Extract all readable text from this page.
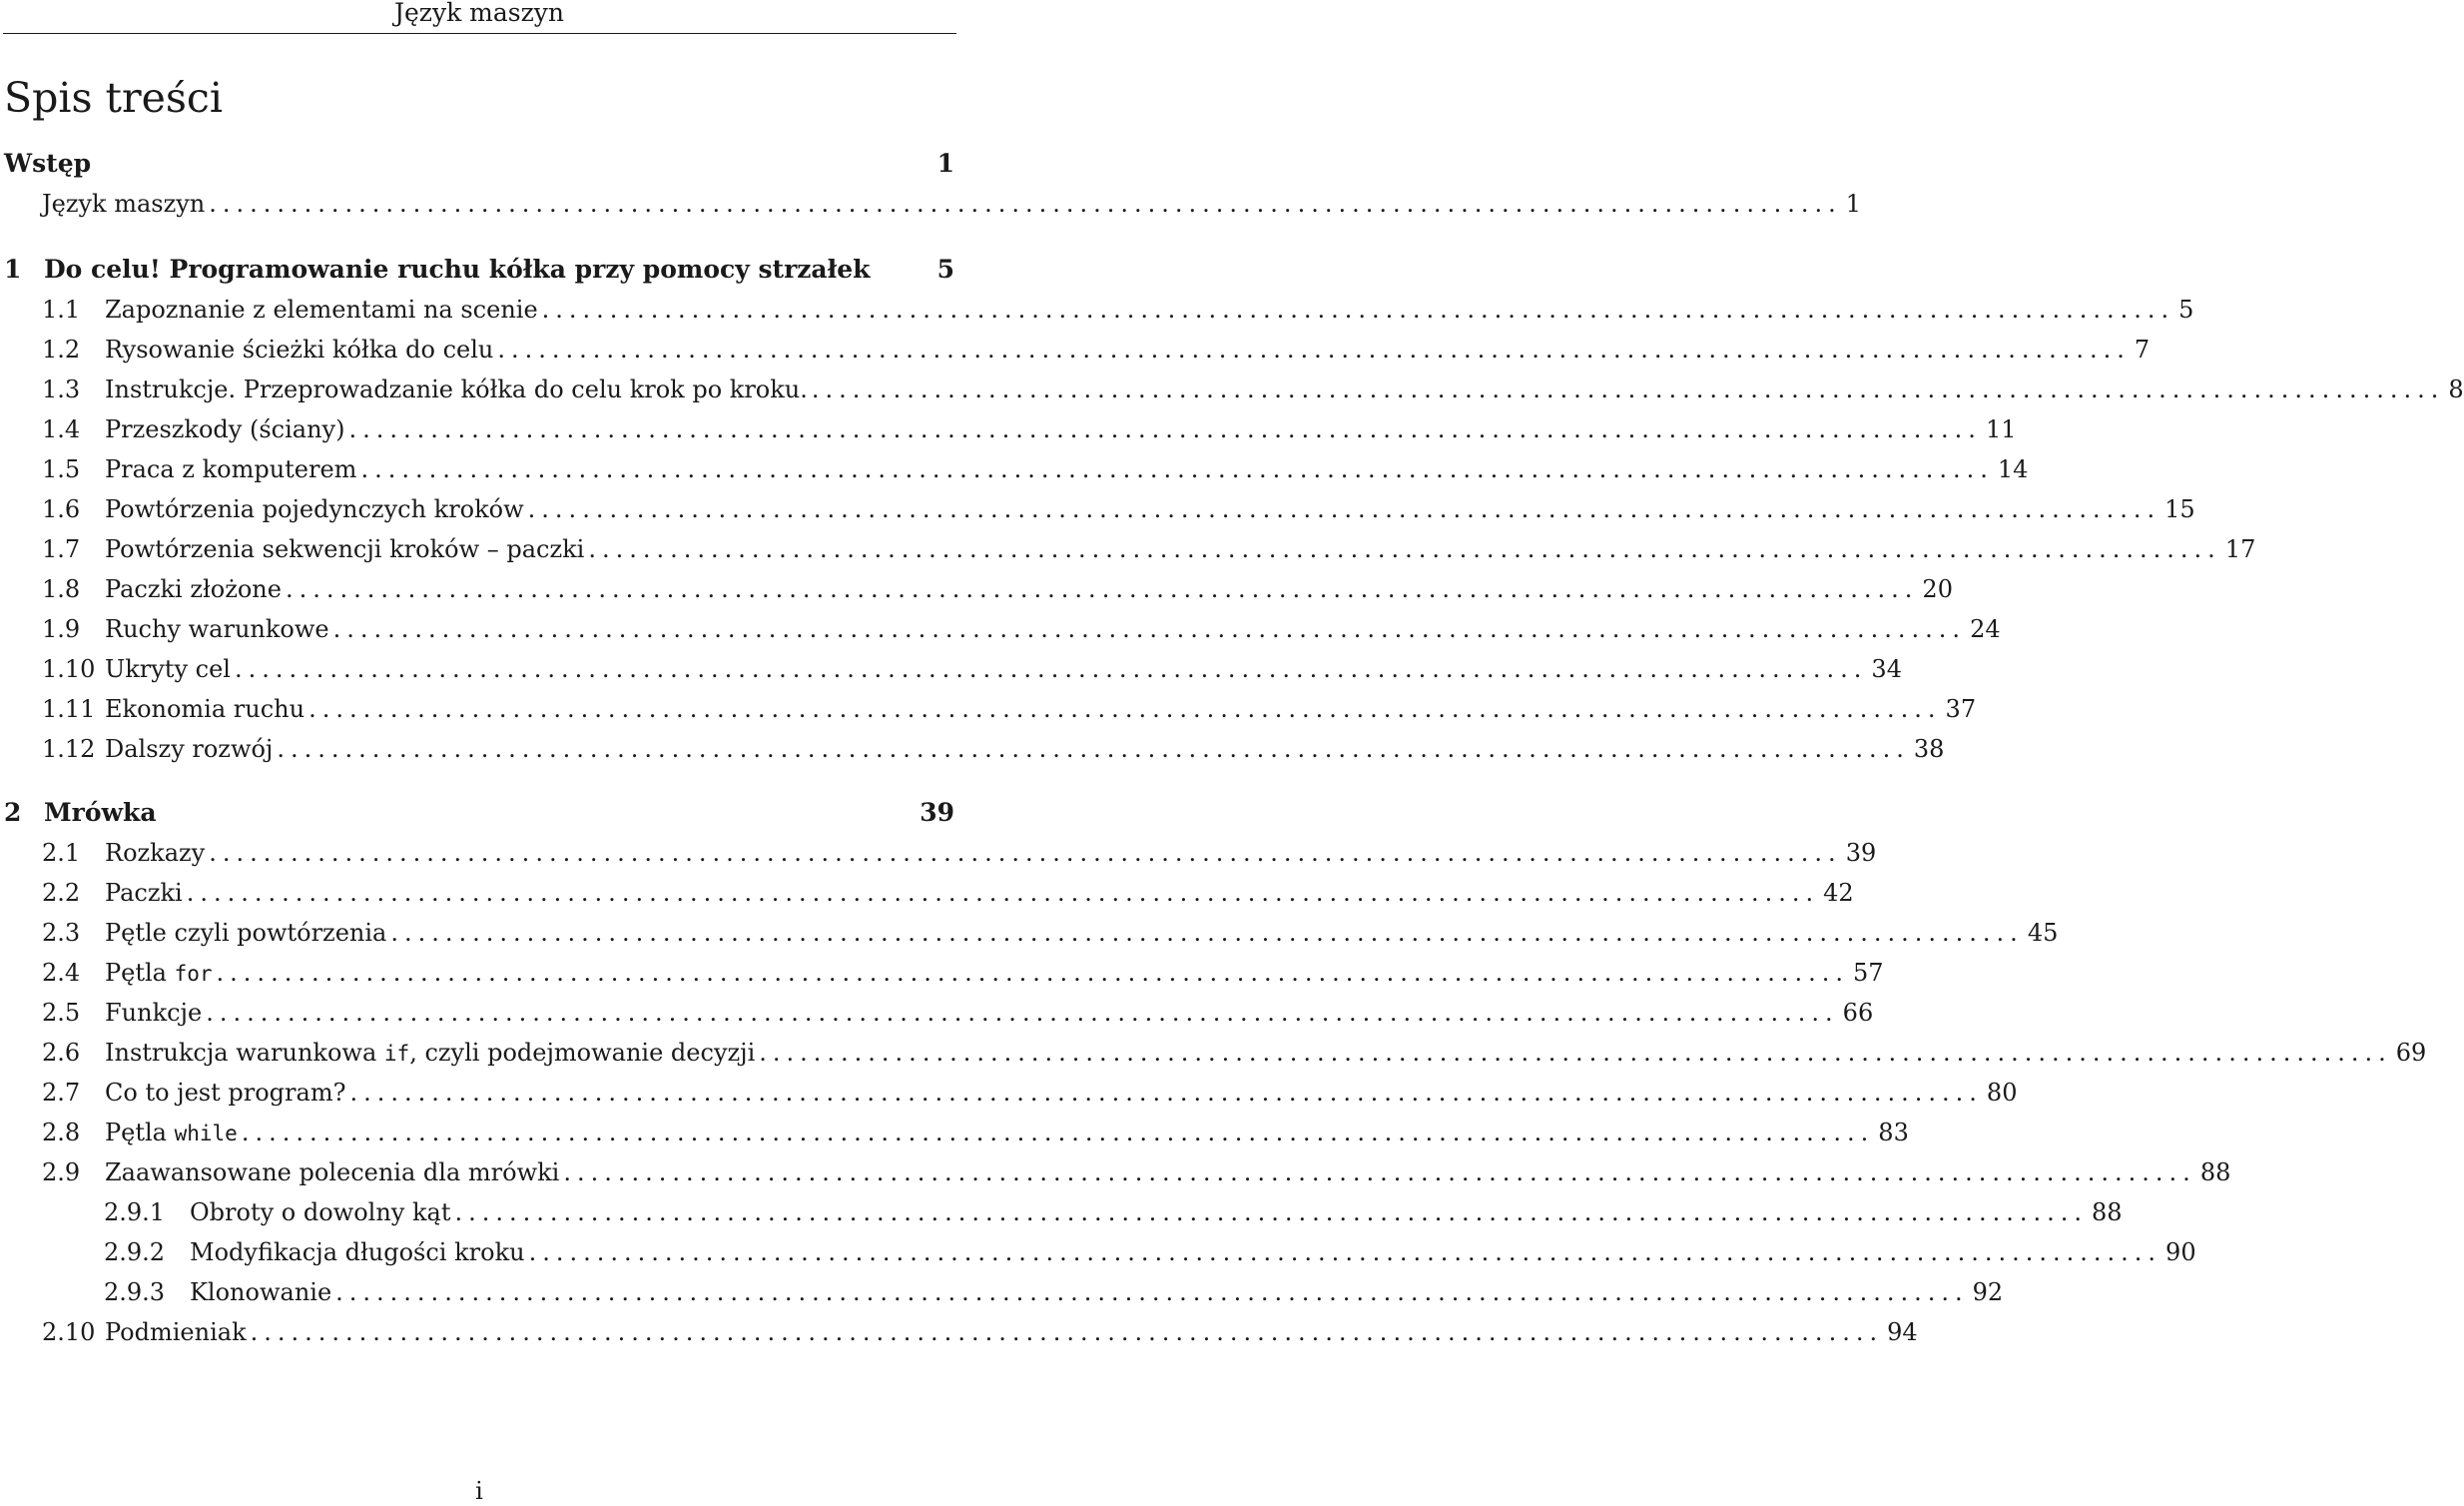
Język maszyn
Spis treści
Wstęp	1
Język maszyn ........................................................................................................................ 1
1 Do celu! Programowanie ruchu kółka przy pomocy strzałek	5
1.1	Zapoznanie z elementami na scenie ........................................................................................................................ 5
1.2	Rysowanie ścieżki kółka do celu ........................................................................................................................ 7
1.3	Instrukcje. Przeprowadzanie kółka do celu krok po kroku. ........................................................................................................................ 8
1.4	Przeszkody (ściany) ........................................................................................................................ 11
1.5	Praca z komputerem ........................................................................................................................ 14
1.6	Powtórzenia pojedynczych kroków ........................................................................................................................ 15
1.7	Powtórzenia sekwencji kroków – paczki ........................................................................................................................ 17
1.8	Paczki złożone ........................................................................................................................ 20
1.9	Ruchy warunkowe ........................................................................................................................ 24
1.10 Ukryty cel ........................................................................................................................ 34
1.11 Ekonomia ruchu ........................................................................................................................ 37
1.12 Dalszy rozwój ........................................................................................................................ 38
2 Mrówka	39
2.1	Rozkazy ........................................................................................................................ 39
2.2	Paczki ........................................................................................................................ 42
2.3	Pętle czyli powtórzenia ........................................................................................................................ 45
2.4	Pętla for ........................................................................................................................ 57
2.5	Funkcje ........................................................................................................................ 66
2.6	Instrukcja warunkowa if, czyli podejmowanie decyzji ........................................................................................................................ 69
2.7	Co to jest program? ........................................................................................................................ 80
2.8	Pętla while ........................................................................................................................ 83
2.9	Zaawansowane polecenia dla mrówki ........................................................................................................................ 88
2.9.1	Obroty o dowolny kąt ........................................................................................................................ 88
2.9.2	Modyfikacja długości kroku ........................................................................................................................ 90
2.9.3	Klonowanie ........................................................................................................................ 92
2.10 Podmieniak ........................................................................................................................ 94
i
